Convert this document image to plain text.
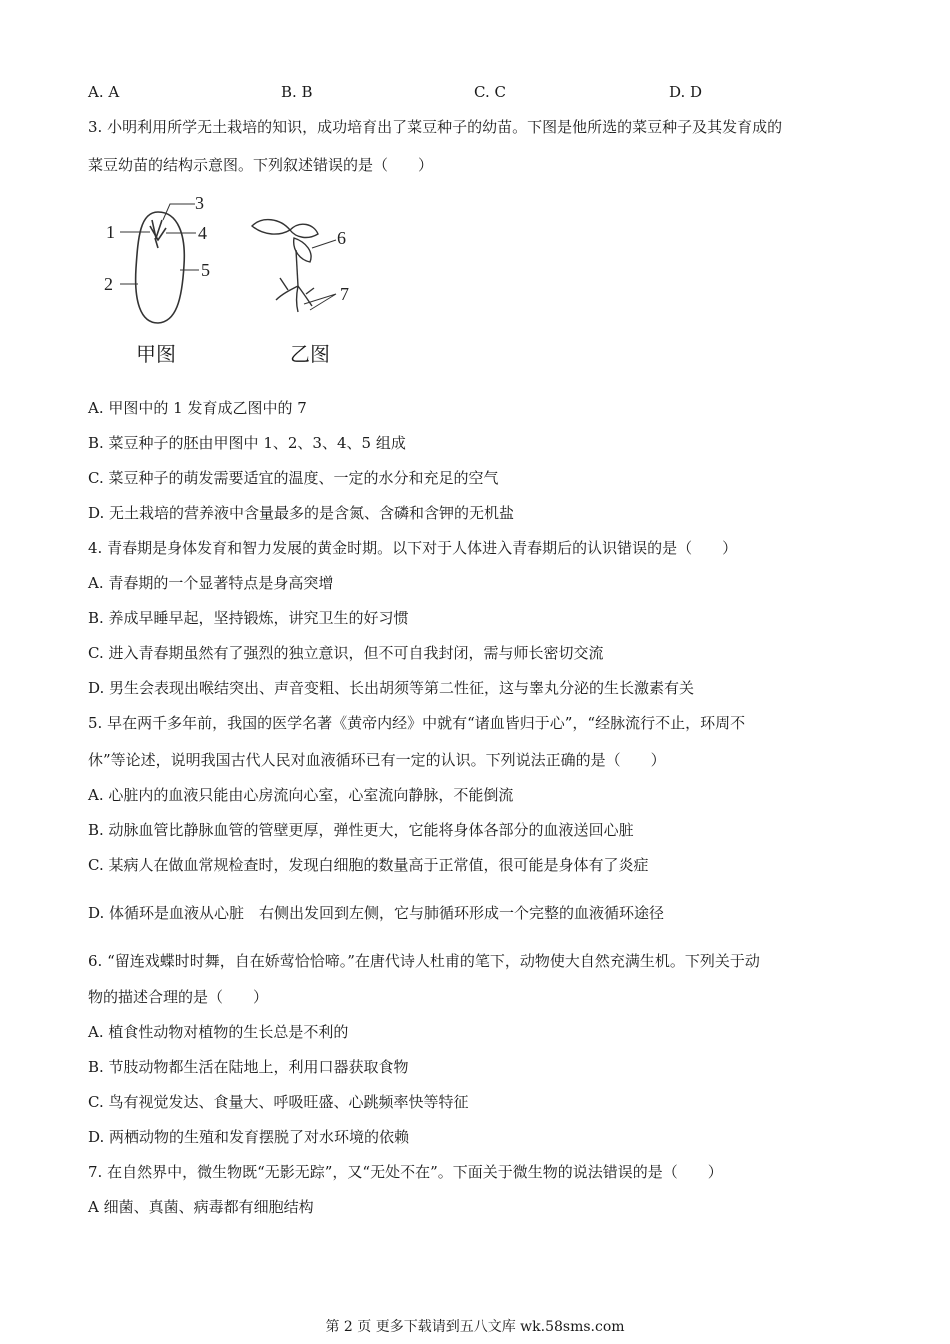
A. A	B. B	C. C	D. D
3. 小明利用所学无土栽培的知识，成功培育出了菜豆种子的幼苗。下图是他所选的菜豆种子及其发育成的
菜豆幼苗的结构示意图。下列叙述错误的是（　　）
1
2
3
4
5
6
7
甲图	乙图
A. 甲图中的 1 发育成乙图中的 7
B. 菜豆种子的胚由甲图中 1、2、3、4、5 组成
C. 菜豆种子的萌发需要适宜的温度、一定的水分和充足的空气
D. 无土栽培的营养液中含量最多的是含氮、含磷和含钾的无机盐
4. 青春期是身体发育和智力发展的黄金时期。以下对于人体进入青春期后的认识错误的是（　　）
A. 青春期的一个显著特点是身高突增
B. 养成早睡早起，坚持锻炼，讲究卫生的好习惯
C. 进入青春期虽然有了强烈的独立意识，但不可自我封闭，需与师长密切交流
D. 男生会表现出喉结突出、声音变粗、长出胡须等第二性征，这与睾丸分泌的生长激素有关
5. 早在两千多年前，我国的医学名著《黄帝内经》中就有“诸血皆归于心”，“经脉流行不止，环周不
休”等论述，说明我国古代人民对血液循环已有一定的认识。下列说法正确的是（　　）
A. 心脏内的血液只能由心房流向心室，心室流向静脉，不能倒流
B. 动脉血管比静脉血管的管壁更厚，弹性更大，它能将身体各部分的血液送回心脏
C. 某病人在做血常规检查时，发现白细胞的数量高于正常值，很可能是身体有了炎症
D. 体循环是血液从心脏　右侧出发回到左侧，它与肺循环形成一个完整的血液循环途径
6. “留连戏蝶时时舞，自在娇莺恰恰啼。”在唐代诗人杜甫的笔下，动物使大自然充满生机。下列关于动
物的描述合理的是（　　）
A. 植食性动物对植物的生长总是不利的
B. 节肢动物都生活在陆地上，利用口器获取食物
C. 鸟有视觉发达、食量大、呼吸旺盛、心跳频率快等特征
D. 两栖动物的生殖和发育摆脱了对水环境的依赖
7. 在自然界中，微生物既“无影无踪”，又“无处不在”。下面关于微生物的说法错误的是（　　）
A 细菌、真菌、病毒都有细胞结构
第 2 页 更多下载请到五八文库 wk.58sms.com
